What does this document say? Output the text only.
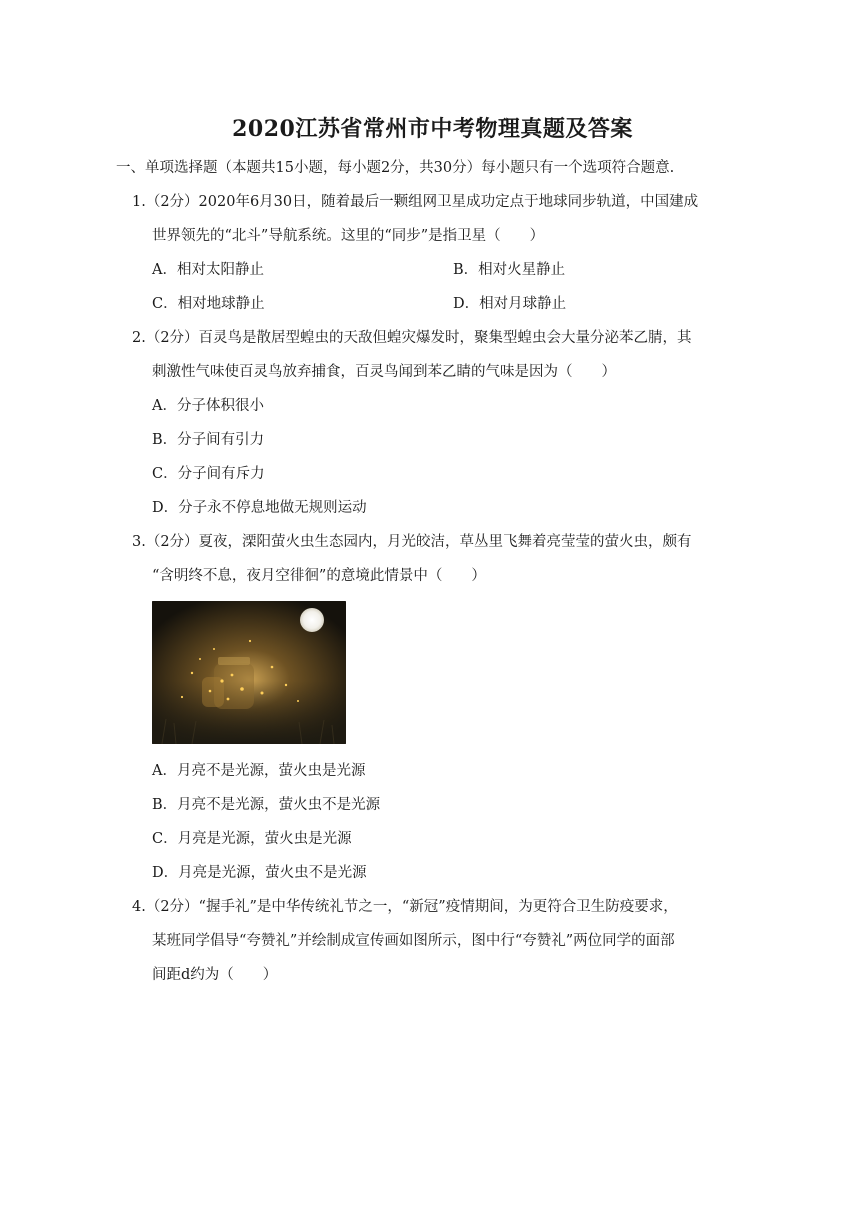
2020江苏省常州市中考物理真题及答案
一、单项选择题（本题共15小题，每小题2分，共30分）每小题只有一个选项符合题意.
1.（2分）2020年6月30日，随着最后一颗组网卫星成功定点于地球同步轨道，中国建成
世界领先的“北斗”导航系统。这里的“同步”是指卫星（　　）
A．相对太阳静止	B．相对火星静止
C．相对地球静止	D．相对月球静止
2.（2分）百灵鸟是散居型蝗虫的天敌但蝗灾爆发时，聚集型蝗虫会大量分泌苯乙腈，其
刺激性气味使百灵鸟放弃捕食，百灵鸟闻到苯乙睛的气味是因为（　　）
A．分子体积很小
B．分子间有引力
C．分子间有斥力
D．分子永不停息地做无规则运动
3.（2分）夏夜，溧阳萤火虫生态园内，月光皎洁，草丛里飞舞着亮莹莹的萤火虫，颇有
“含明终不息，夜月空徘徊”的意境此情景中（　　）
A．月亮不是光源，萤火虫是光源
B．月亮不是光源，萤火虫不是光源
C．月亮是光源，萤火虫是光源
D．月亮是光源，萤火虫不是光源
4.（2分）“握手礼”是中华传统礼节之一，“新冠”疫情期间，为更符合卫生防疫要求，
某班同学倡导“夸赞礼”并绘制成宣传画如图所示，图中行“夸赞礼”两位同学的面部
间距d约为（　　）
